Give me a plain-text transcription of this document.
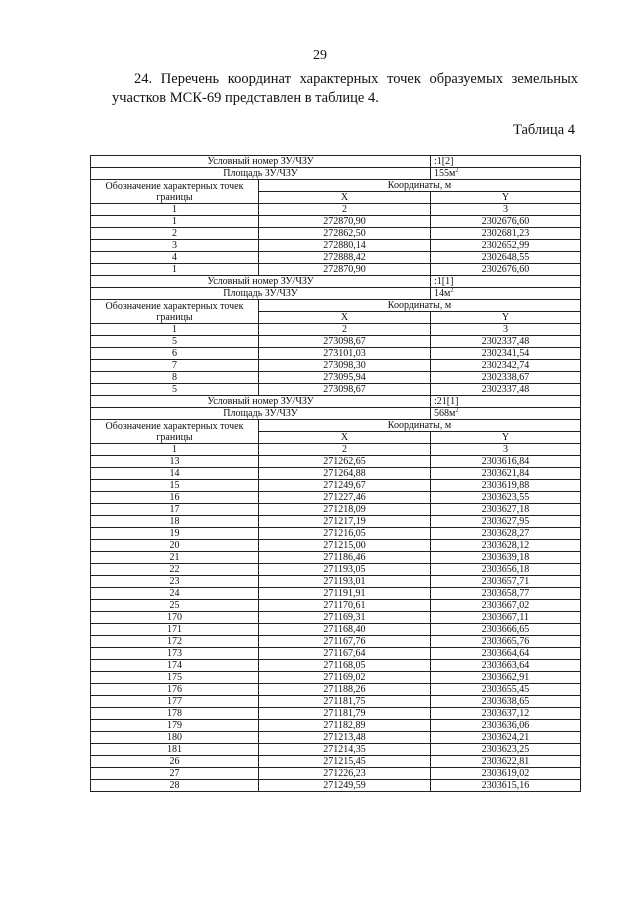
29
24. Перечень координат характерных точек образуемых земельных участков МСК-69 представлен в таблице 4.
Таблица 4
Условный номер ЗУ/ЧЗУ		:1[2]
Площадь ЗУ/ЧЗУ		$155м^2$
Обозначение характерных точек границы	Координаты, м	
	X	Y
1	2	3
1	272870,90	2302676,60
2	272862,50	2302681,23
3	272880,14	2302652,99
4	272888,42	2302648,55
1	272870,90	2302676,60
Условный номер ЗУ/ЧЗУ		:1[1]
Площадь ЗУ/ЧЗУ		$14м^2$
Обозначение характерных точек границы	Координаты, м	
	X	Y
1	2	3
5	273098,67	2302337,48
6	273101,03	2302341,54
7	273098,30	2302342,74
8	273095,94	2302338,67
5	273098,67	2302337,48
Условный номер ЗУ/ЧЗУ		:21[1]
Площадь ЗУ/ЧЗУ		$568м^2$
Обозначение характерных точек границы	Координаты, м	
	X	Y
1	2	3
13	271262,65	2303616,84
14	271264,88	2303621,84
15	271249,67	2303619,88
16	271227,46	2303623,55
17	271218,09	2303627,18
18	271217,19	2303627,95
19	271216,05	2303628,27
20	271215,00	2303628,12
21	271186,46	2303639,18
22	271193,05	2303656,18
23	271193,01	2303657,71
24	271191,91	2303658,77
25	271170,61	2303667,02
170	271169,31	2303667,11
171	271168,40	2303666,65
172	271167,76	2303665,76
173	271167,64	2303664,64
174	271168,05	2303663,64
175	271169,02	2303662,91
176	271188,26	2303655,45
177	271181,75	2303638,65
178	271181,79	2303637,12
179	271182,89	2303636,06
180	271213,48	2303624,21
181	271214,35	2303623,25
26	271215,45	2303622,81
27	271226,23	2303619,02
28	271249,59	2303615,16
